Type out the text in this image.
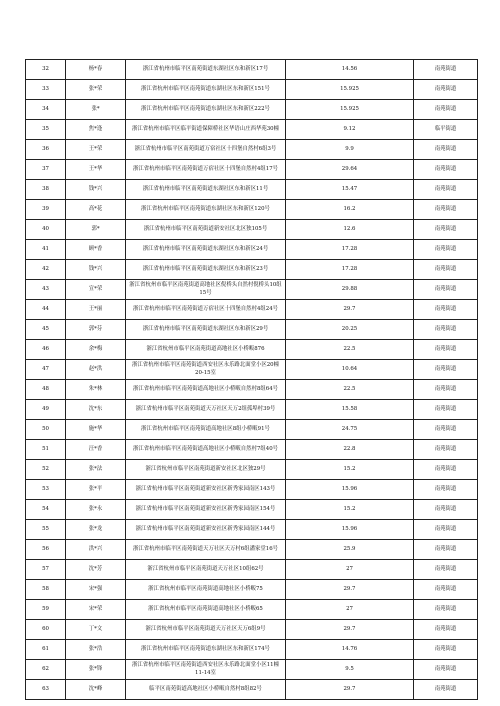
32	杨*春	浙江省杭州市临平区南苑街道东湖社区东和新区17号	14.56	南苑街道
33	张*荣	浙江省杭州市临平区南苑街道东湖社区东和新区151号	15.925	南苑街道
34	张*	浙江省杭州市临平区南苑街道东湖社区东和新区222号	15.925	南苑街道
35	焦*逢	浙江省杭州市临平区临平街道保障桥社区华语山庄西华苑30幢	9.12	临平街道
36	王*荣	浙江省杭州市临平区南苑街道万宿社区十四堡自然村6组3号	9.9	南苑街道
37	王*华	浙江省杭州市临平区南苑街道万宿社区十四堡自然村4组17号	29.64	南苑街道
38	钱*兴	浙江省杭州市临平区南苑街道东湖社区东和新区11号	15.47	南苑街道
39	高*花	浙江省杭州市临平区南苑街道东湖社区东和新区120号	16.2	南苑街道
40	郭*	浙江省杭州市临平区南苑街道新安社区北区独105号	12.6	南苑街道
41	顾*香	浙江省杭州市临平区南苑街道东湖社区东和新区24号	17.28	南苑街道
42	钱*兴	浙江省杭州市临平区南苑街道东湖社区东和新区23号	17.28	南苑街道
43	宣*荣	浙江省杭州市临平区南苑街道高地社区倪桥头自然村倪桥头10组15号	29.88	南苑街道
44	王*丽	浙江省杭州市临平区南苑街道万宿社区十四堡自然村4组24号	29.7	南苑街道
45	郭*芬	浙江省杭州市临平区南苑街道东湖社区东和新区29号	20.25	南苑街道
46	余*梅	浙江省杭州市临平区南苑街道高地社区小桥畈876	22.5	南苑街道
47	赵*洪	浙江省杭州市临平区南苑街道西安社区永乐路北面堂小区20幢20-15室	10.64	南苑街道
48	朱*林	浙江省杭州市临平区南苑街道高地社区小桥畈自然村8组64号	22.5	南苑街道
49	沈*东	浙江省杭州市临平区南苑街道天万社区天万2组孤埠村39号	15.58	南苑街道
50	施*华	浙江省杭州市临平区南苑街道高地社区8组小桥畈91号	24.75	南苑街道
51	汪*香	浙江省杭州市临平区南苑街道高地社区小桥畈自然村7组40号	22.8	南苑街道
52	张*法	浙江省杭州市临平区南苑街道新安社区北区独29号	15.2	南苑街道
53	张*平	浙江省杭州市临平区南苑街道新安社区新秀家园南区143号	15.96	南苑街道
54	张*永	浙江省杭州市临平区南苑街道新安社区新秀家园南区154号	15.2	南苑街道
55	张*龙	浙江省杭州市临平区南苑街道新安社区新秀家园南区144号	15.96	南苑街道
56	洪*兴	浙江省杭州市临平区南苑街道天万社区天万村6组潘家堂16号	25.9	南苑街道
57	沈*芳	浙江省杭州市临平区南苑街道天万社区10组62号	27	南苑街道
58	宋*强	浙江省杭州市临平区南苑街道高地社区小桥畈75	29.7	南苑街道
59	宋*荣	浙江省杭州市临平区南苑街道高地社区小桥畈65	27	南苑街道
60	丁*文	浙江省杭州市临平区南苑街道天万社区天万6组9号	29.7	南苑街道
61	张*浩	浙江省杭州市临平区南苑街道东湖社区东和新区174号	14.76	南苑街道
62	张*锋	浙江省杭州市临平区南苑街道西安社区永乐路北面堂小区11幢11-14室	9.5	南苑街道
63	沈*峰	临平区南苑街道高地社区小桥畈自然村8组82号	29.7	南苑街道
